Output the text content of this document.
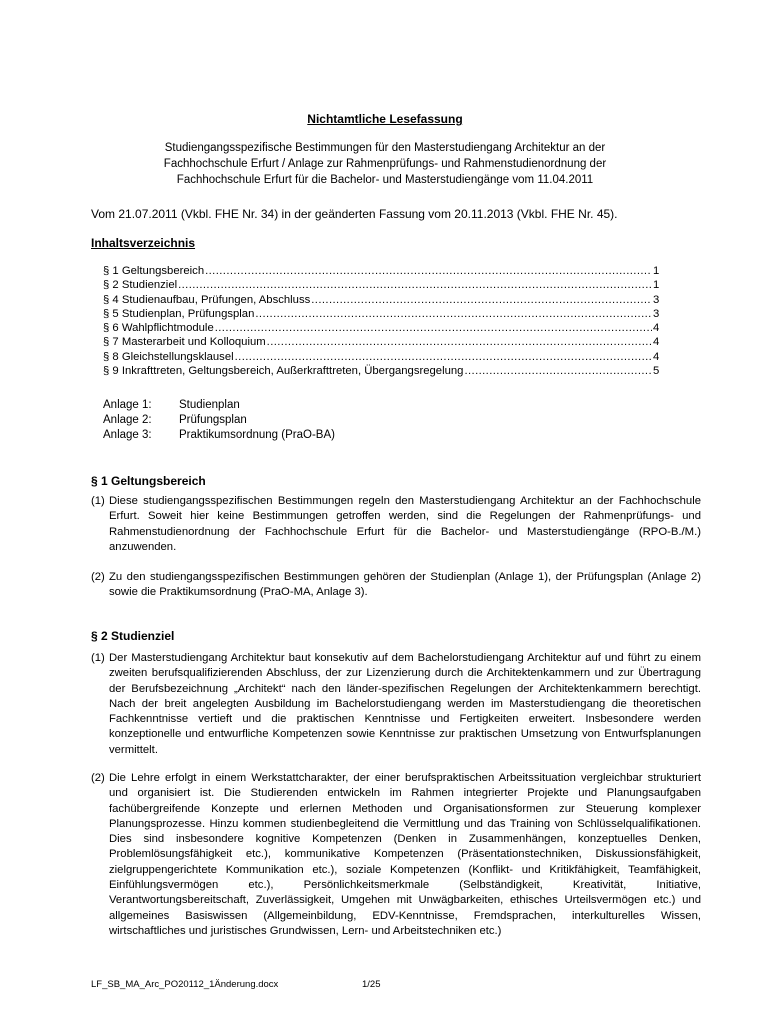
Nichtamtliche Lesefassung
Studiengangsspezifische Bestimmungen für den Masterstudiengang Architektur an der
Fachhochschule Erfurt / Anlage zur Rahmenprüfungs- und Rahmenstudienordnung der
Fachhochschule Erfurt für die Bachelor- und Masterstudiengänge vom 11.04.2011
Vom 21.07.2011 (Vkbl. FHE Nr. 34) in der geänderten Fassung vom 20.11.2013 (Vkbl. FHE Nr. 45).
Inhaltsverzeichnis
§ 1 Geltungsbereich .....	1
§ 2 Studienziel .....	1
§ 4 Studienaufbau, Prüfungen, Abschluss .....	3
§ 5 Studienplan, Prüfungsplan .....	3
§ 6 Wahlpflichtmodule .....	4
§ 7 Masterarbeit und Kolloquium .....	4
§ 8 Gleichstellungsklausel .....	4
§ 9 Inkrafttreten, Geltungsbereich, Außerkrafttreten, Übergangsregelung .....	5
Anlage 1: Studienplan
Anlage 2: Prüfungsplan
Anlage 3: Praktikumsordnung (PraO-BA)
§ 1 Geltungsbereich
(1) Diese studiengangsspezifischen Bestimmungen regeln den Masterstudiengang Architektur an der Fachhochschule Erfurt. Soweit hier keine Bestimmungen getroffen werden, sind die Regelungen der Rahmenprüfungs- und Rahmenstudienordnung der Fachhochschule Erfurt für die Bachelor- und Masterstudiengänge (RPO-B./M.) anzuwenden.
(2) Zu den studiengangsspezifischen Bestimmungen gehören der Studienplan (Anlage 1), der Prüfungsplan (Anlage 2) sowie die Praktikumsordnung (PraO-MA, Anlage 3).
§ 2 Studienziel
(1) Der Masterstudiengang Architektur baut konsekutiv auf dem Bachelorstudiengang Architektur auf und führt zu einem zweiten berufsqualifizierenden Abschluss, der zur Lizenzierung durch die Architektenkammern und zur Übertragung der Berufsbezeichnung „Architekt“ nach den länder-spezifischen Regelungen der Architektenkammern berechtigt. Nach der breit angelegten Ausbildung im Bachelorstudiengang werden im Masterstudiengang die theoretischen Fachkenntnisse vertieft und die praktischen Kenntnisse und Fertigkeiten erweitert. Insbesondere werden konzeptionelle und entwurfliche Kompetenzen sowie Kenntnisse zur praktischen Umsetzung von Entwurfsplanungen vermittelt.
(2) Die Lehre erfolgt in einem Werkstattcharakter, der einer berufspraktischen Arbeitssituation vergleichbar strukturiert und organisiert ist. Die Studierenden entwickeln im Rahmen integrierter Projekte und Planungsaufgaben fachübergreifende Konzepte und erlernen Methoden und Organisationsformen zur Steuerung komplexer Planungsprozesse. Hinzu kommen studienbegleitend die Vermittlung und das Training von Schlüsselqualifikationen. Dies sind insbesondere kognitive Kompetenzen (Denken in Zusammenhängen, konzeptuelles Denken, Problemlösungsfähigkeit etc.), kommunikative Kompetenzen (Präsentationstechniken, Diskussionsfähigkeit, zielgruppengerichtete Kommunikation etc.), soziale Kompetenzen (Konflikt- und Kritikfähigkeit, Teamfähigkeit, Einfühlungsvermögen etc.), Persönlichkeitsmerkmale (Selbständigkeit, Kreativität, Initiative, Verantwortungsbereitschaft, Zuverlässigkeit, Umgehen mit Unwägbarkeiten, ethisches Urteilsvermögen etc.) und allgemeines Basiswissen (Allgemeinbildung, EDV-Kenntnisse, Fremdsprachen, interkulturelles Wissen, wirtschaftliches und juristisches Grundwissen, Lern- und Arbeitstechniken etc.)
LF_SB_MA_Arc_PO20112_1Änderung.docx	1/25
